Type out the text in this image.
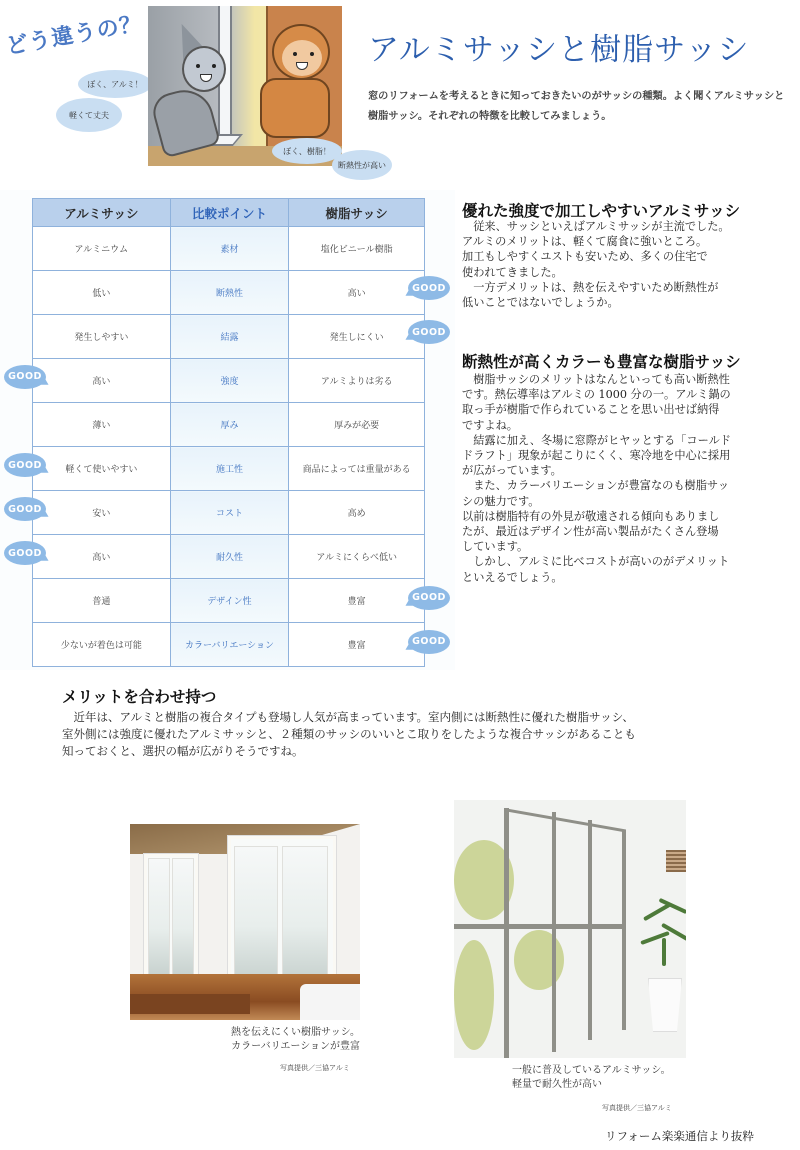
どう違うの？
ぼく、アルミ！
軽くて丈夫
ぼく、樹脂！
断熱性が高い
アルミサッシと樹脂サッシ

窓のリフォームを考えるときに知っておきたいのがサッシの種類。よく聞くアルミサッシと樹脂サッシ。それぞれの特徴を比較してみましょう。

アルミサッシ	比較ポイント	樹脂サッシ
アルミニウム	素材	塩化ビニール樹脂
低い	断熱性	高い
発生しやすい	結露	発生しにくい
高い	強度	アルミよりは劣る
薄い	厚み	厚みが必要
軽くて使いやすい	施工性	商品によっては重量がある
安い	コスト	高め
高い	耐久性	アルミにくらべ低い
普通	デザイン性	豊富
少ないが着色は可能	カラーバリエーション	豊富
GOOD
GOOD
GOOD
GOOD
GOOD
GOOD
GOOD
GOOD
優れた強度で加工しやすいアルミサッシ

従来、サッシといえばアルミサッシが主流でした。

アルミのメリットは、軽くて腐食に強いところ。

加工もしやすくユストも安いため、多くの住宅で

使われてきました。

一方デメリットは、熱を伝えやすいため断熱性が

低いことではないでしょうか。

断熱性が高くカラーも豊富な樹脂サッシ

樹脂サッシのメリットはなんといっても高い断熱性

です。熱伝導率はアルミの 1000 分の一。アルミ鍋の

取っ手が樹脂で作られていることを思い出せば納得

ですよね。

結露に加え、冬場に窓際がヒヤッとする「コールド

ドラフト」現象が起こりにくく、寒冷地を中心に採用

が広がっています。

また、カラーバリエーションが豊富なのも樹脂サッ

シの魅力です。

以前は樹脂特有の外見が敬遠される傾向もありまし

たが、最近はデザイン性が高い製品がたくさん登場

しています。

しかし、アルミに比べコストが高いのがデメリット

といえるでしょう。

メリットを合わせ持つ

近年は、アルミと樹脂の複合タイプも登場し人気が高まっています。室内側には断熱性に優れた樹脂サッシ、

室外側には強度に優れたアルミサッシと、２種類のサッシのいいとこ取りをしたような複合サッシがあることも

知っておくと、選択の幅が広がりそうですね。

熱を伝えにくい樹脂サッシ。
カラーバリエーションが豊富
写真提供／三協アルミ	一般に普及しているアルミサッシ。
軽量で耐久性が高い
写真提供／三協アルミ
リフォーム楽楽通信より抜粋
